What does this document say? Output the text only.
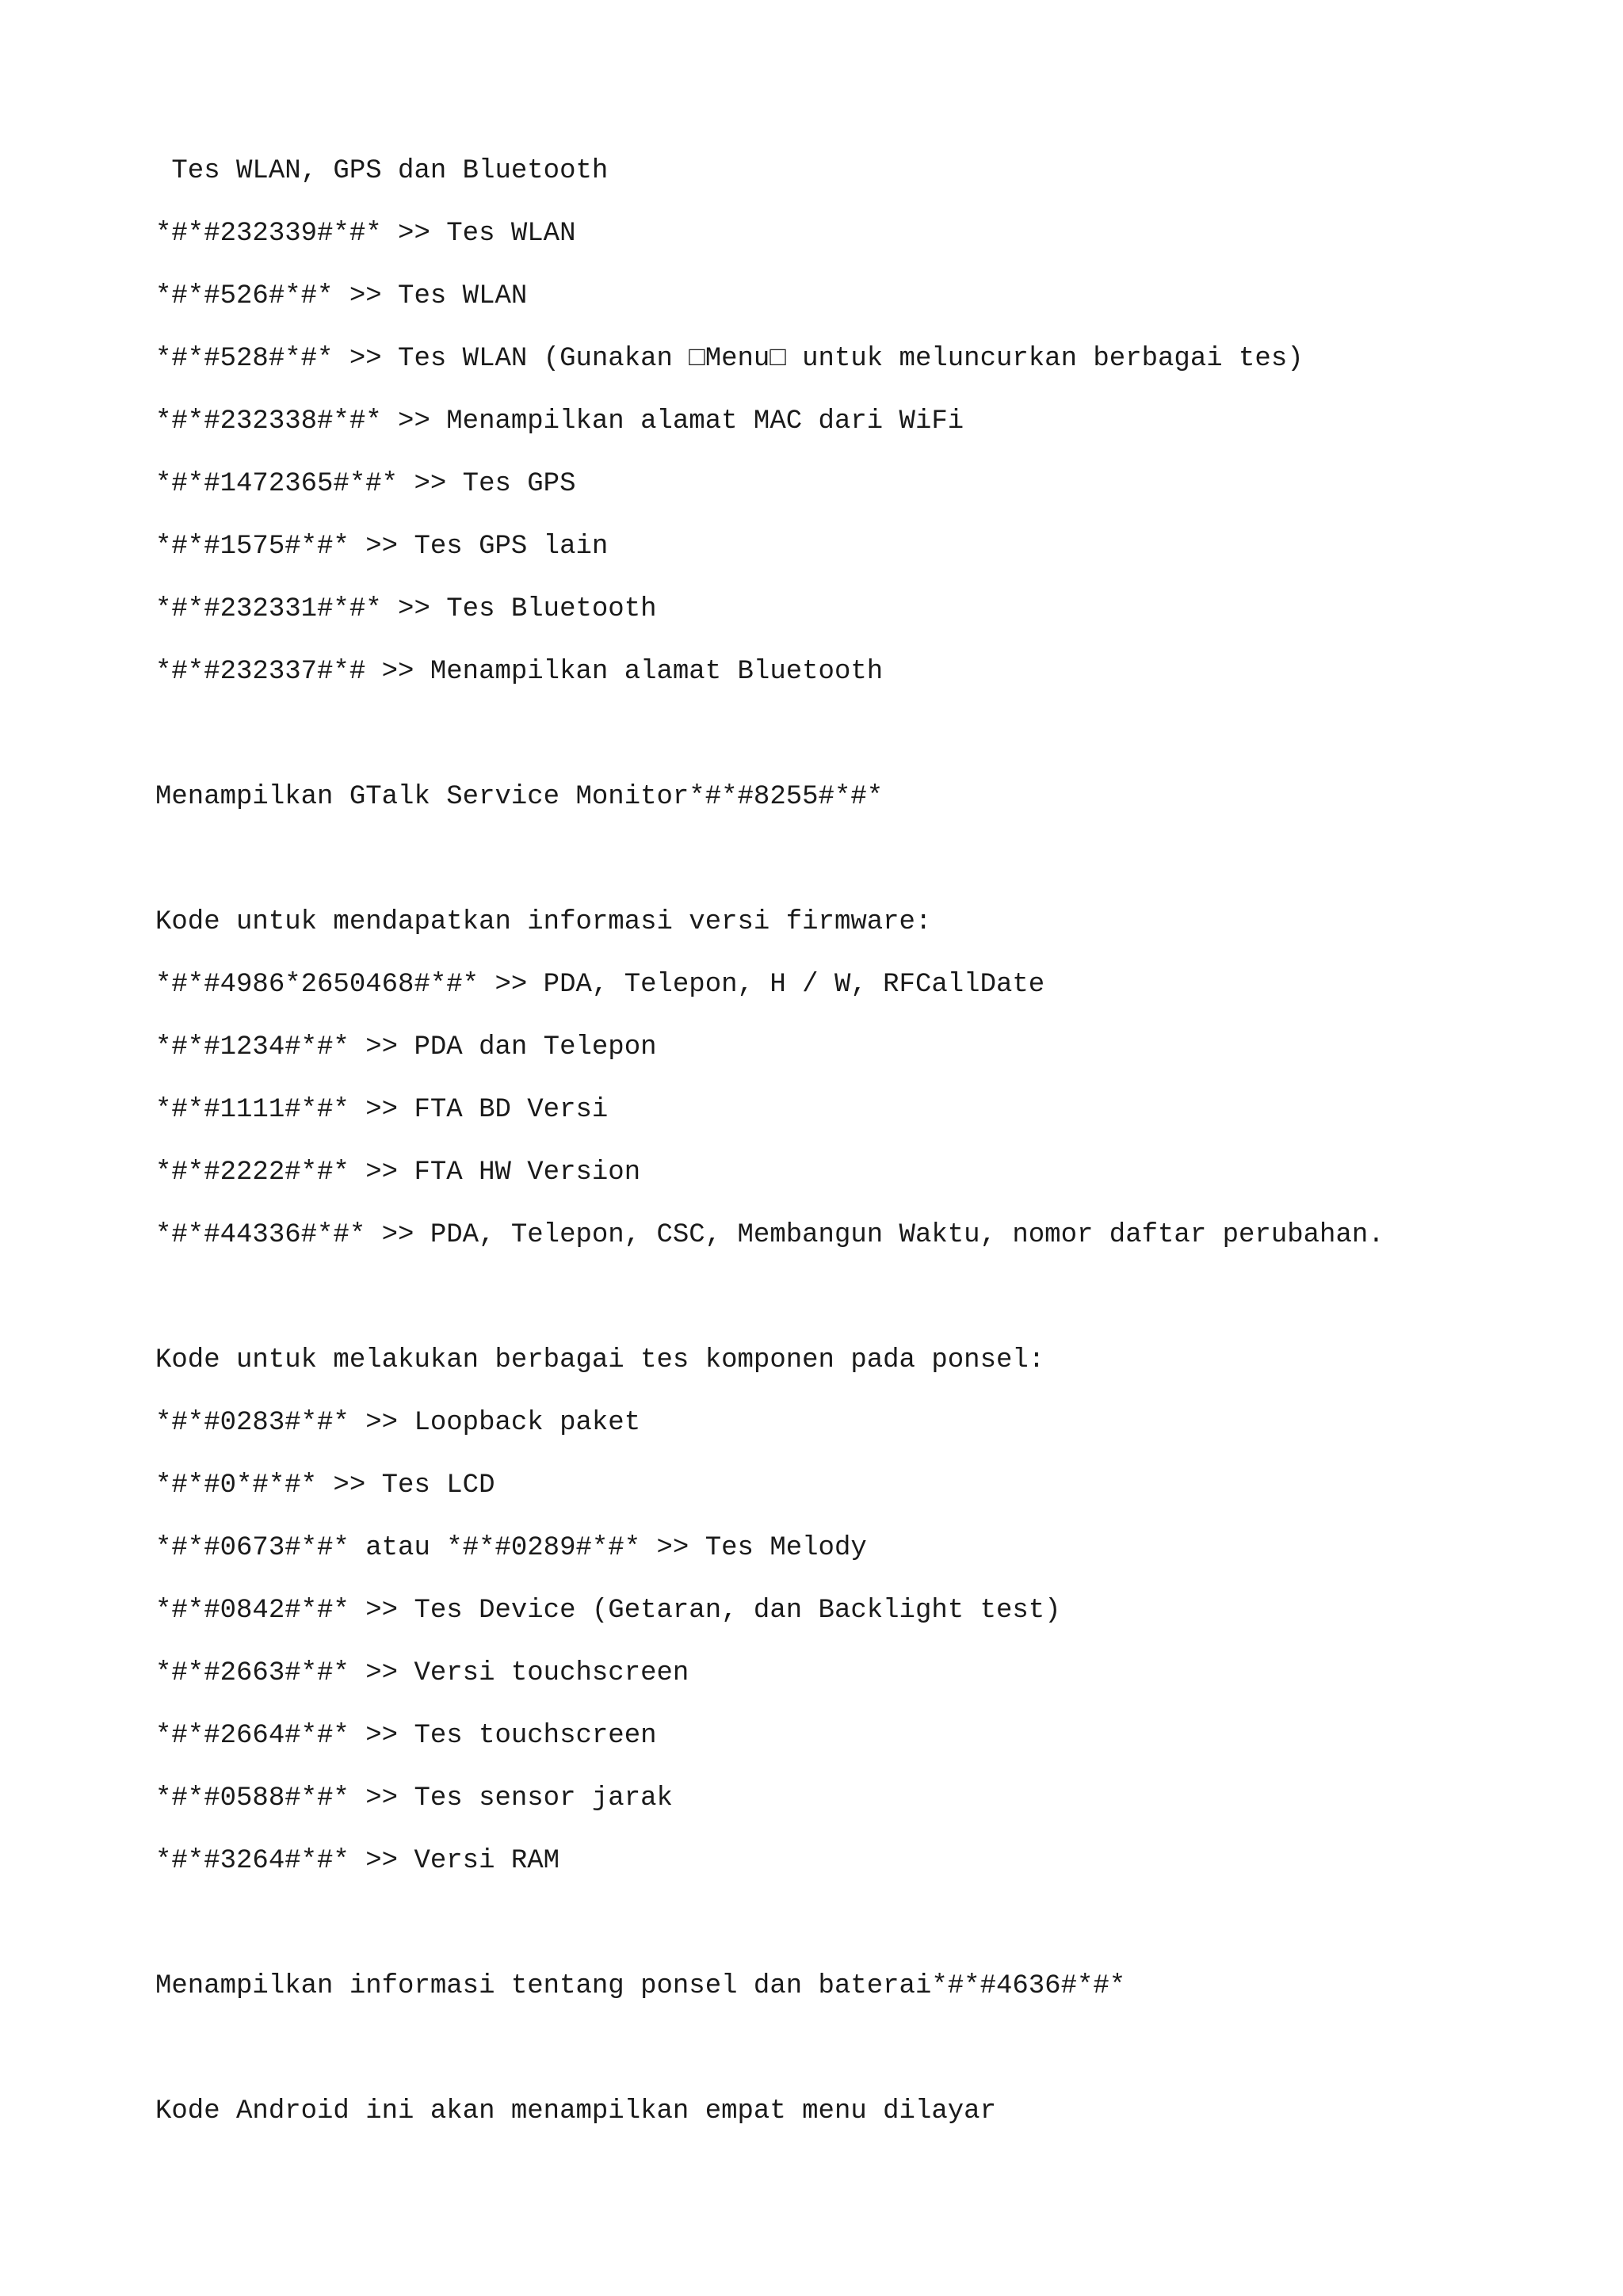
Tes WLAN, GPS dan Bluetooth
*#*#232339#*#* >> Tes WLAN
*#*#526#*#* >> Tes WLAN
*#*#528#*#* >> Tes WLAN (Gunakan □Menu□ untuk meluncurkan berbagai tes)
*#*#232338#*#* >> Menampilkan alamat MAC dari WiFi
*#*#1472365#*#* >> Tes GPS
*#*#1575#*#* >> Tes GPS lain
*#*#232331#*#* >> Tes Bluetooth
*#*#232337#*# >> Menampilkan alamat Bluetooth
Menampilkan GTalk Service Monitor*#*#8255#*#*
Kode untuk mendapatkan informasi versi firmware:
*#*#4986*2650468#*#* >> PDA, Telepon, H / W, RFCallDate
*#*#1234#*#* >> PDA dan Telepon
*#*#1111#*#* >> FTA BD Versi
*#*#2222#*#* >> FTA HW Version
*#*#44336#*#* >> PDA, Telepon, CSC, Membangun Waktu, nomor daftar perubahan.
Kode untuk melakukan berbagai tes komponen pada ponsel:
*#*#0283#*#* >> Loopback paket
*#*#0*#*#* >> Tes LCD
*#*#0673#*#* atau *#*#0289#*#* >> Tes Melody
*#*#0842#*#* >> Tes Device (Getaran, dan Backlight test)
*#*#2663#*#* >> Versi touchscreen
*#*#2664#*#* >> Tes touchscreen
*#*#0588#*#* >> Tes sensor jarak
*#*#3264#*#* >> Versi RAM
Menampilkan informasi tentang ponsel dan baterai*#*#4636#*#*
Kode Android ini akan menampilkan empat menu dilayar
